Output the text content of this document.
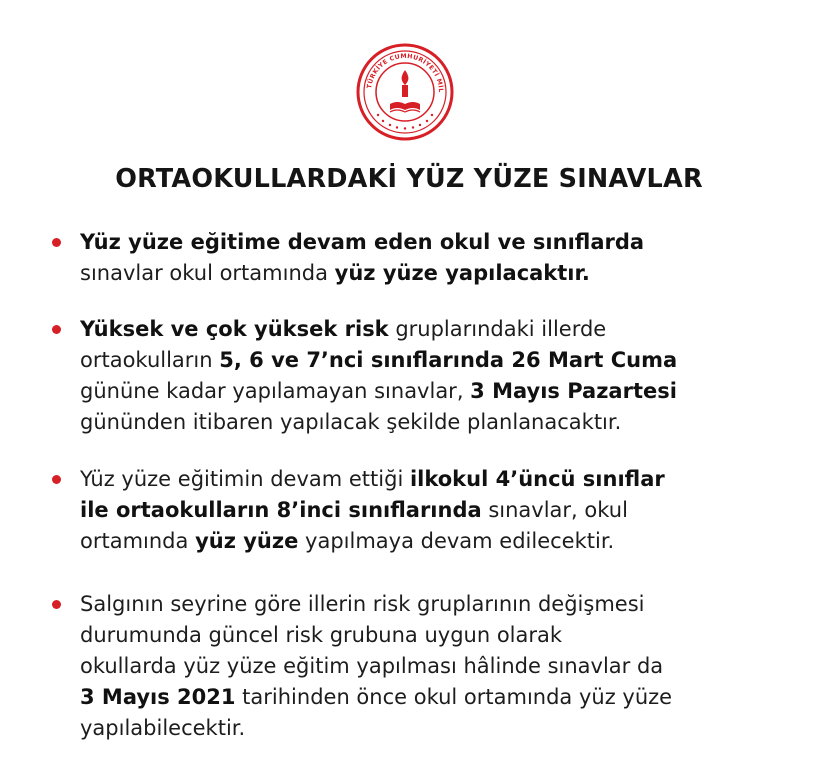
TÜRKİYE CUMHURİYETİ MİL
ORTAOKULLARDAKİ YÜZ YÜZE SINAVLAR
Yüz yüze eğitime devam eden okul ve sınıflarda
sınavlar okul ortamında yüz yüze yapılacaktır.
Yüksek ve çok yüksek risk gruplarındaki illerde
ortaokulların 5, 6 ve 7’nci sınıflarında 26 Mart Cuma
gününe kadar yapılamayan sınavlar, 3 Mayıs Pazartesi
gününden itibaren yapılacak şekilde planlanacaktır.
Yüz yüze eğitimin devam ettiği ilkokul 4’üncü sınıflar
ile ortaokulların 8’inci sınıflarında sınavlar, okul
ortamında yüz yüze yapılmaya devam edilecektir.
Salgının seyrine göre illerin risk gruplarının değişmesi
durumunda güncel risk grubuna uygun olarak
okullarda yüz yüze eğitim yapılması hâlinde sınavlar da
3 Mayıs 2021 tarihinden önce okul ortamında yüz yüze
yapılabilecektir.
